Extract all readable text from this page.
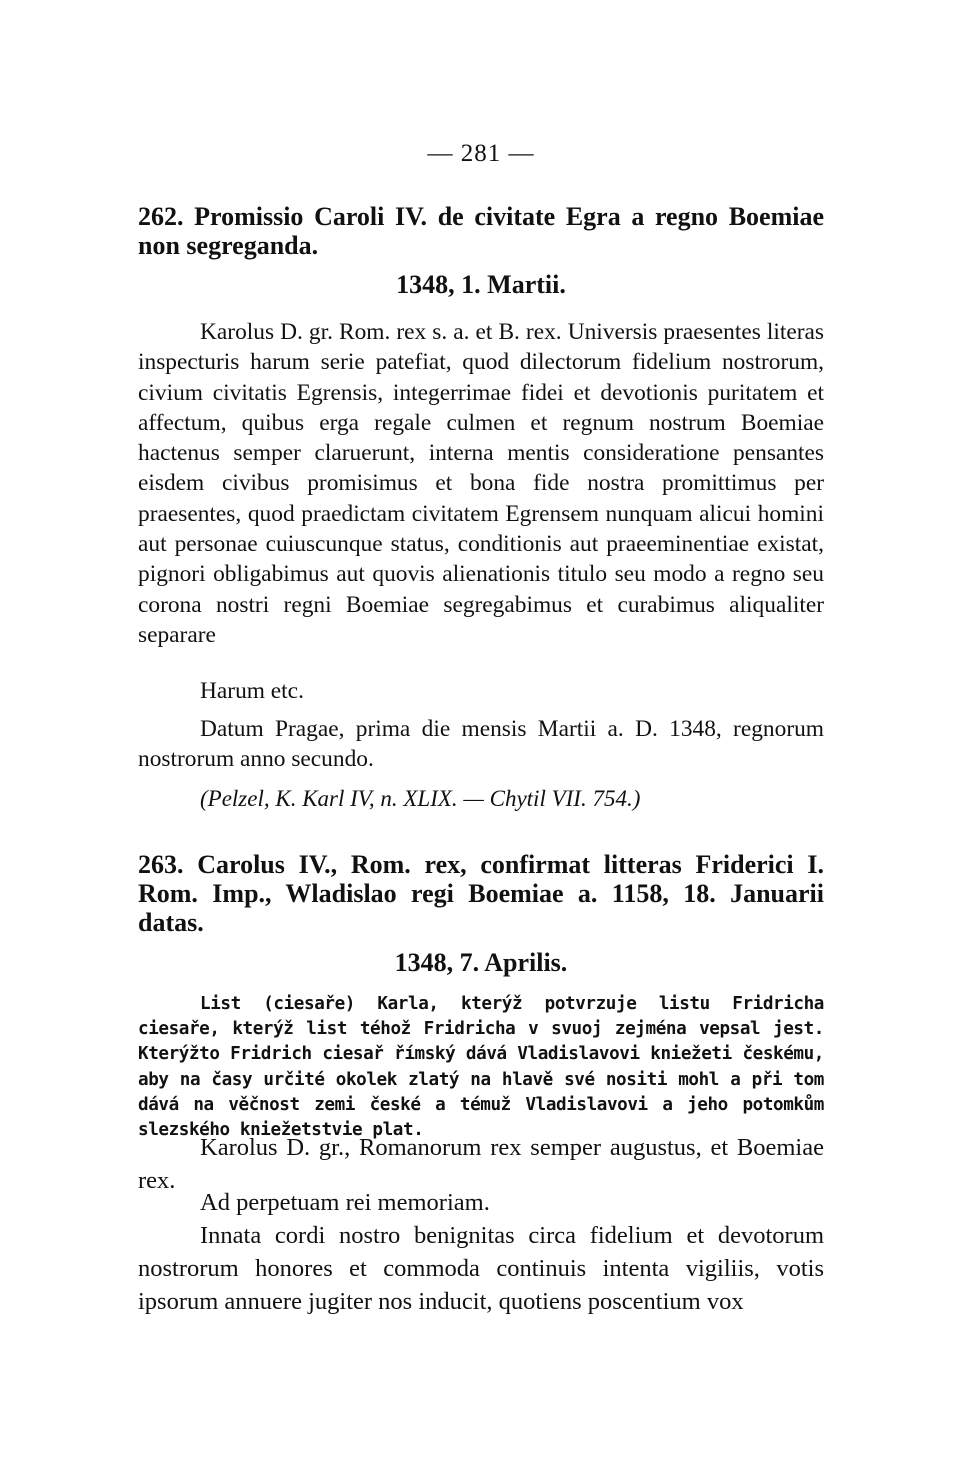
— 281 —
262. Promissio Caroli IV. de civitate Egra a regno Boemiae non segreganda.
1348, 1. Martii.
Karolus D. gr. Rom. rex s. a. et B. rex. Universis praesentes literas inspecturis harum serie patefiat, quod dilectorum fidelium nostrorum, civium civitatis Egrensis, integerrimae fidei et devotionis puritatem et affectum, quibus erga regale culmen et regnum nostrum Boemiae hactenus semper claruerunt, interna mentis consideratione pensantes eisdem civibus promisimus et bona fide nostra promittimus per praesentes, quod praedictam civitatem Egrensem nunquam alicui homini aut personae cuiuscunque status, conditionis aut praeeminentiae existat, pignori obligabimus aut quovis alienationis titulo seu modo a regno seu corona nostri regni Boemiae segregabimus et curabimus aliqualiter separare
Harum etc.
Datum Pragae, prima die mensis Martii a. D. 1348, regnorum nostrorum anno secundo.
(Pelzel, K. Karl IV, n. XLIX. — Chytil VII. 754.)
263. Carolus IV., Rom. rex, confirmat litteras Friderici I. Rom. Imp., Wladislao regi Boemiae a. 1158, 18. Januarii datas.
1348, 7. Aprilis.
List (ciesaře) Karla, kterýž potvrzuje listu Fridricha ciesaře, kterýž list téhož Fridricha v svuoj zejména vepsal jest. Kterýžto Fridrich ciesař římský dává Vladislavovi kniežeti českému, aby na časy určité okolek zlatý na hlavě své nositi mohl a při tom dává na věčnost zemi české a témuž Vladislavovi a jeho potomkům slezského kniežetstvie plat.
Karolus D. gr., Romanorum rex semper augustus, et Boemiae rex.
Ad perpetuam rei memoriam.
Innata cordi nostro benignitas circa fidelium et devotorum nostrorum honores et commoda continuis intenta vigiliis, votis ipsorum annuere jugiter nos inducit, quotiens poscentium vox
